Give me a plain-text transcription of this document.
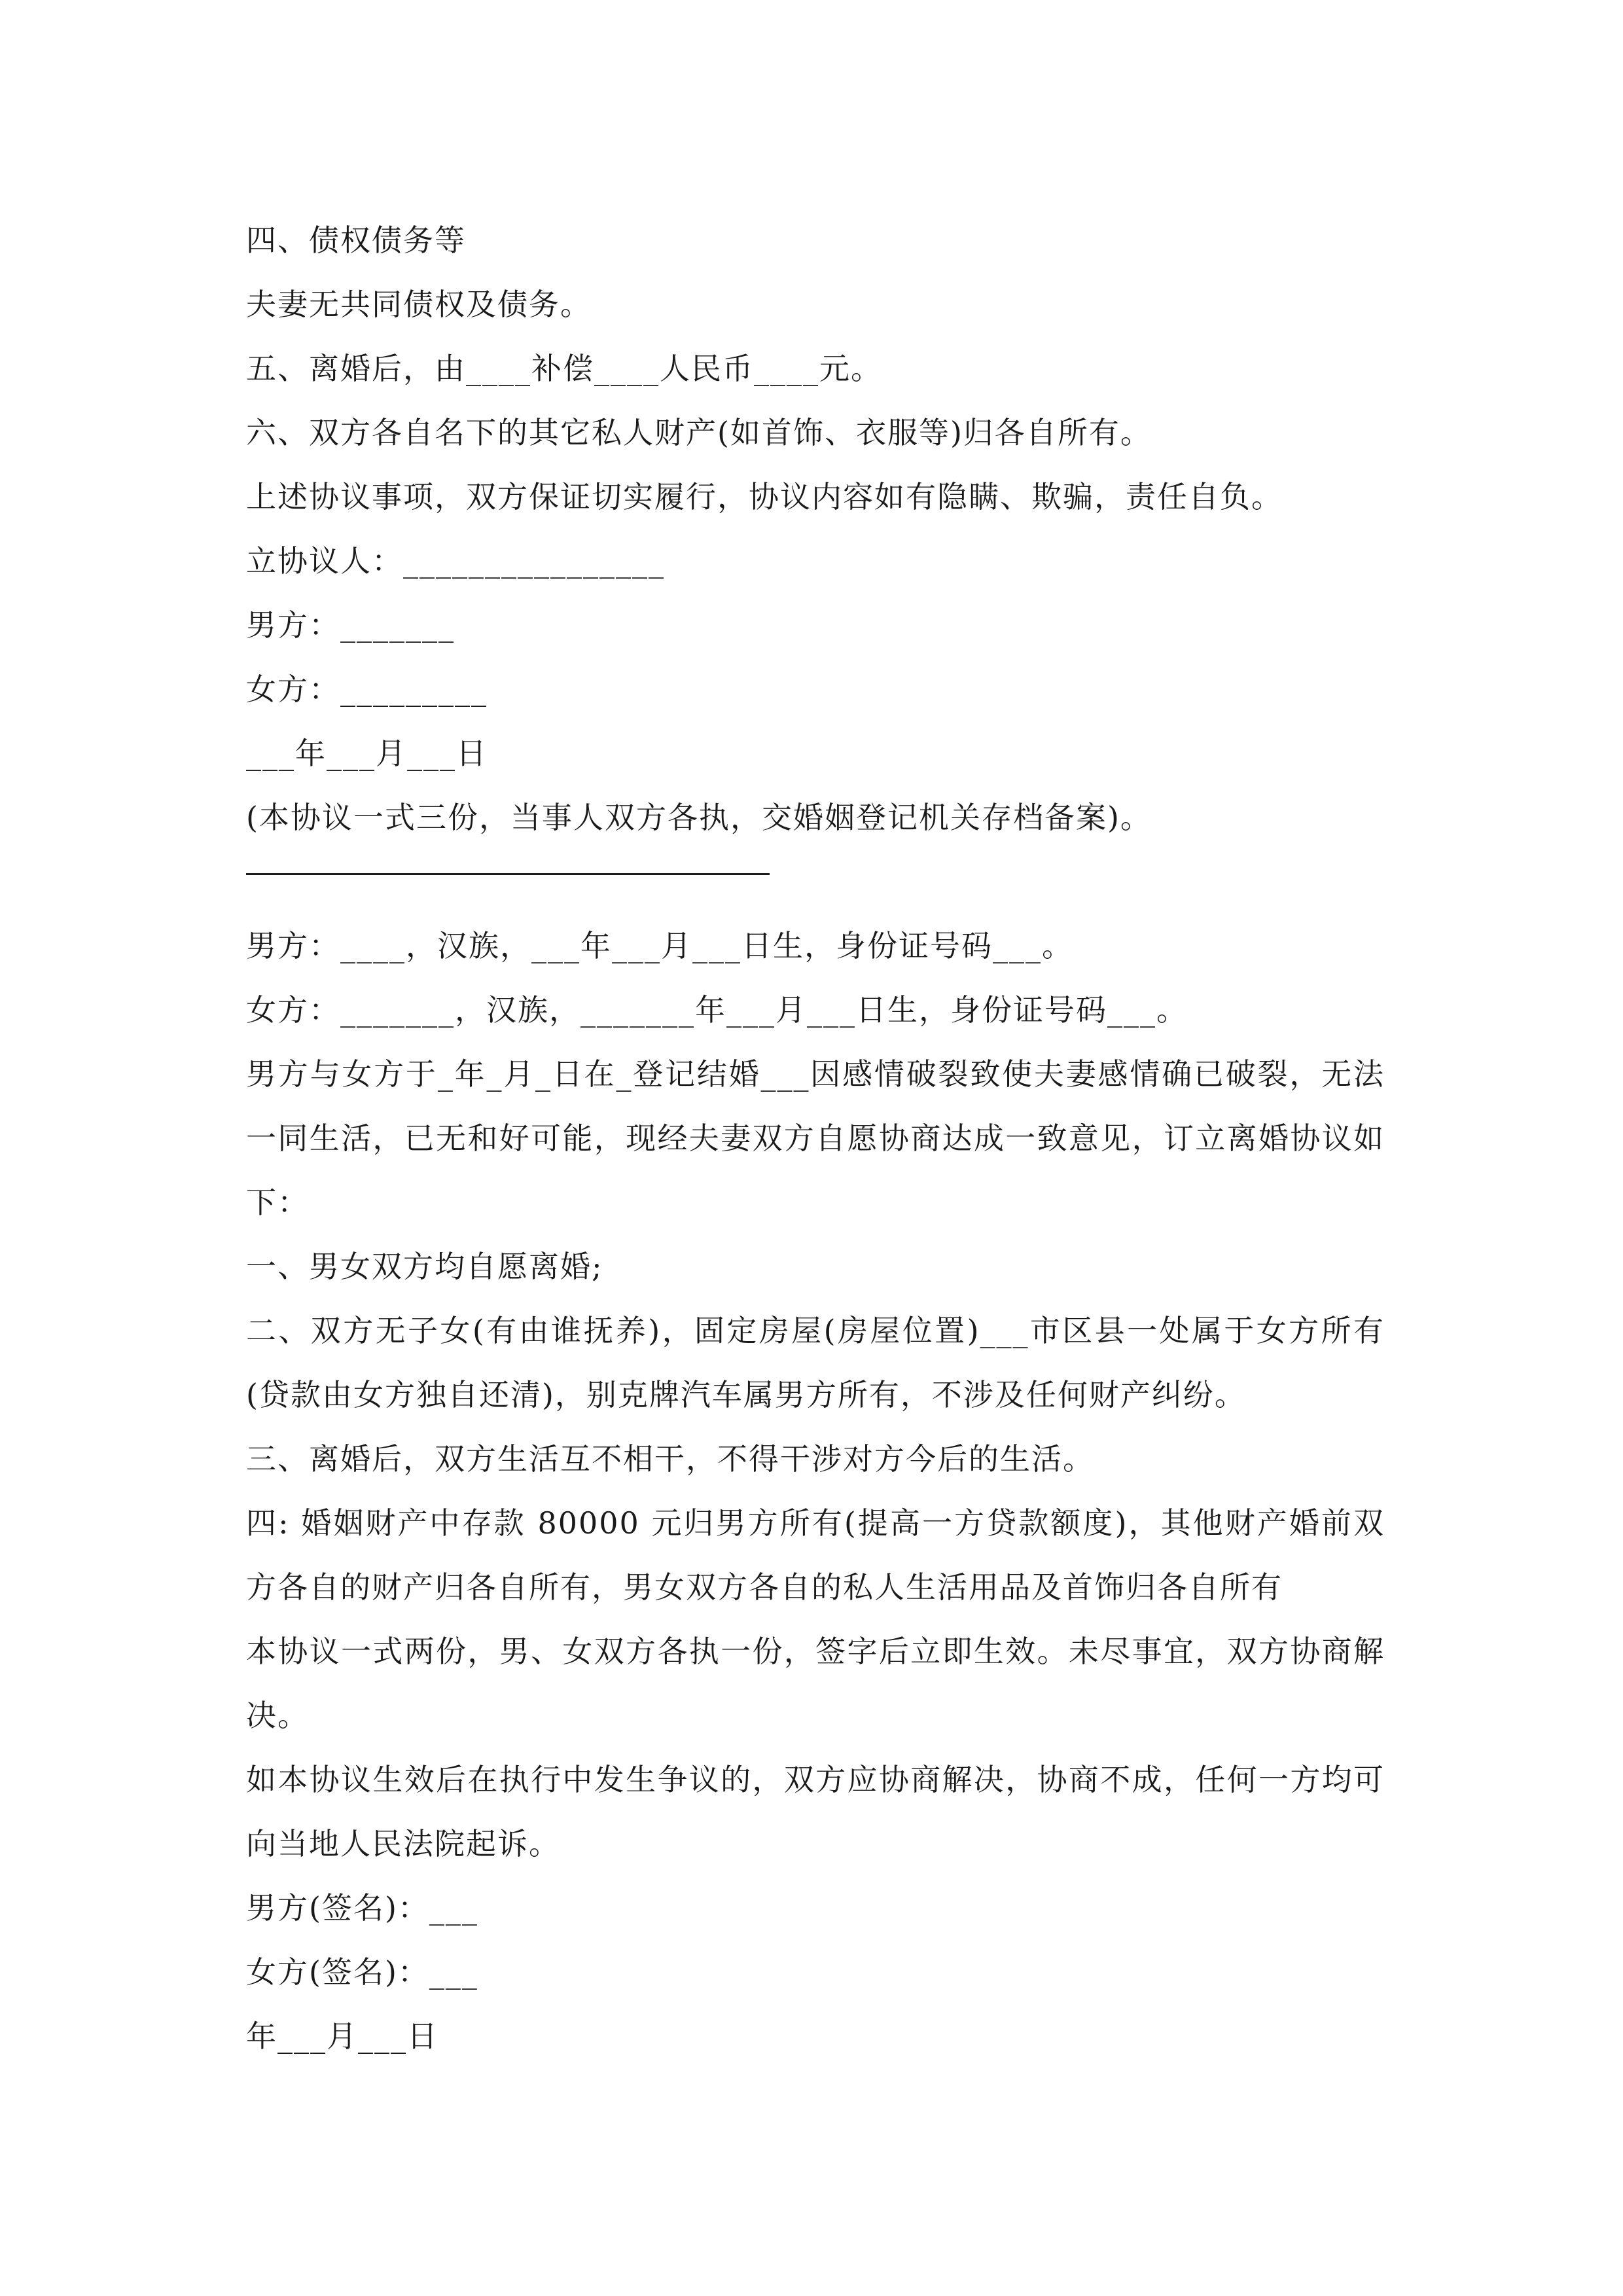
四、债权债务等
夫妻无共同债权及债务。
五、离婚后，由____补偿____人民币____元。
六、双方各自名下的其它私人财产(如首饰、衣服等)归各自所有。
上述协议事项，双方保证切实履行，协议内容如有隐瞒、欺骗，责任自负。
立协议人：________________
男方：_______
女方：_________
___年___月___日
(本协议一式三份，当事人双方各执，交婚姻登记机关存档备案)。
男方：____，汉族，___年___月___日生，身份证号码___。
女方：_______，汉族，_______年___月___日生，身份证号码___。
男方与女方于_年_月_日在_登记结婚___因感情破裂致使夫妻感情确已破裂，无法一同生活，已无和好可能，现经夫妻双方自愿协商达成一致意见，订立离婚协议如下：
一、男女双方均自愿离婚;
二、双方无子女(有由谁抚养)，固定房屋(房屋位置)___市区县一处属于女方所有(贷款由女方独自还清)，别克牌汽车属男方所有，不涉及任何财产纠纷。
三、离婚后，双方生活互不相干，不得干涉对方今后的生活。
四: 婚姻财产中存款 80000 元归男方所有(提高一方贷款额度)，其他财产婚前双方各自的财产归各自所有，男女双方各自的私人生活用品及首饰归各自所有
本协议一式两份，男、女双方各执一份，签字后立即生效。未尽事宜，双方协商解决。
如本协议生效后在执行中发生争议的，双方应协商解决，协商不成，任何一方均可向当地人民法院起诉。
男方(签名)：___
女方(签名)：___
年___月___日
